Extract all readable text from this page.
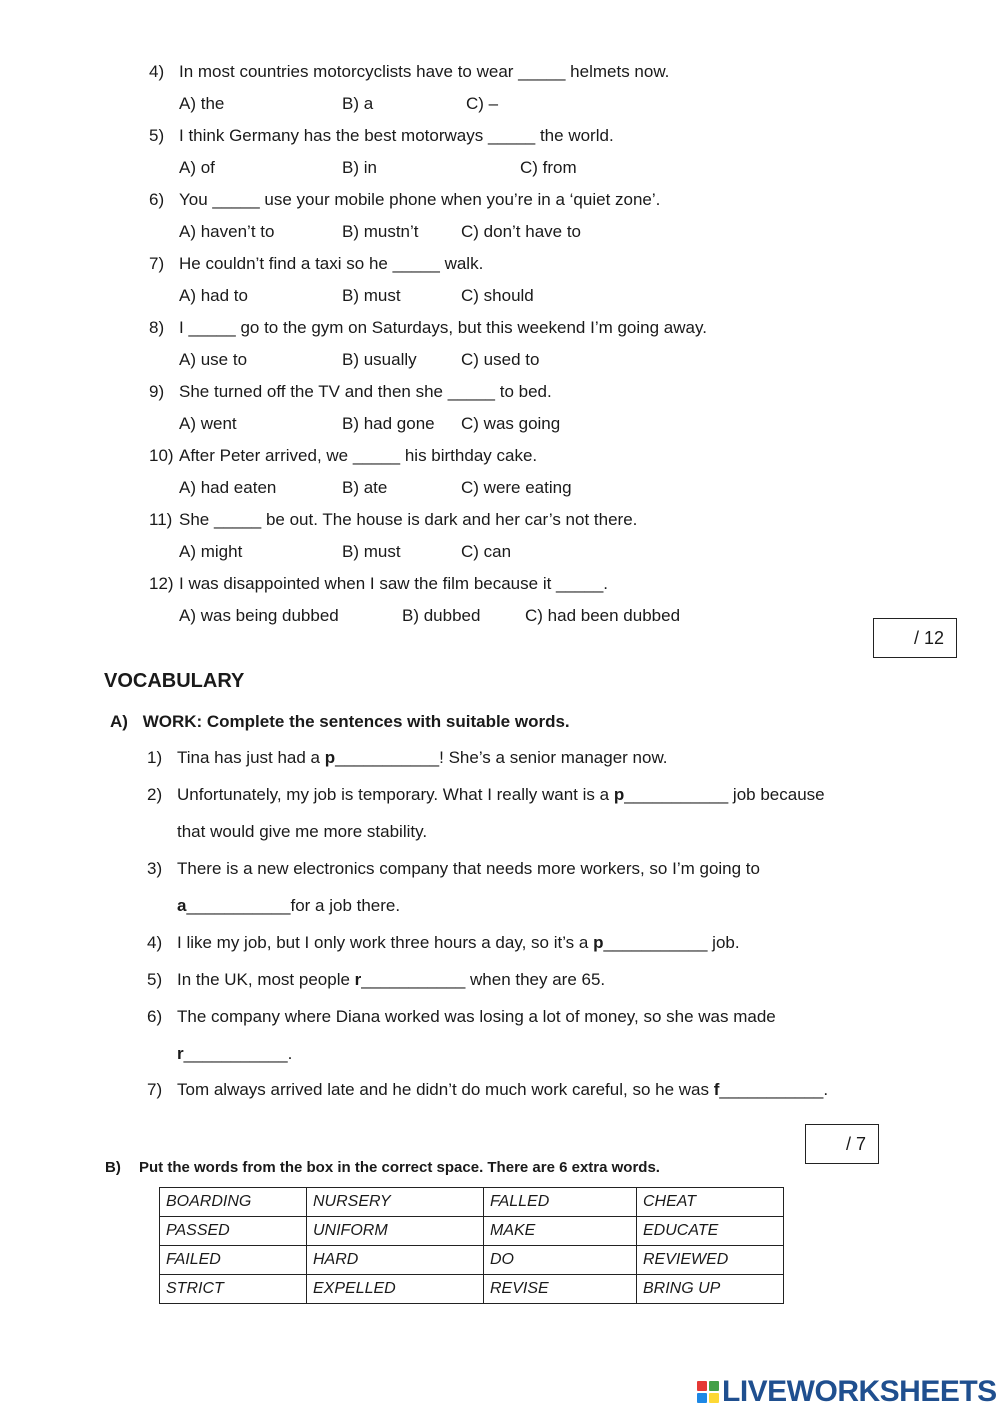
4) In most countries motorcyclists have to wear _____ helmets now.
A) the	B) a	C) –
5) I think Germany has the best motorways _____ the world.
A) of	B) in	C) from
6) You _____ use your mobile phone when you’re in a ‘quiet zone’.
A) haven’t to	B) mustn’t C) don’t have to
7) He couldn’t find a taxi so he _____ walk.
A) had to	B) must	C) should
8) I _____ go to the gym on Saturdays, but this weekend I’m going away.
A) use to	B) usually	C) used to
9) She turned off the TV and then she _____ to bed.
A) went	B) had gone C) was going
10) After Peter arrived, we _____ his birthday cake.
A) had eaten	B) ate	C) were eating
11) She _____ be out. The house is dark and her car’s not there.
A) might	B) must	C) can
12) I was disappointed when I saw the film because it _____.
A) was being dubbed	B) dubbed	C) had been dubbed
/ 12
VOCABULARY
A) WORK: Complete the sentences with suitable words.
1) Tina has just had a p___________! She’s a senior manager now.
2) Unfortunately, my job is temporary. What I really want is a p___________ job because
that would give me more stability.
3) There is a new electronics company that needs more workers, so I’m going to
a___________for a job there.
4) I like my job, but I only work three hours a day, so it’s a p___________ job.
5) In the UK, most people r___________ when they are 65.
6) The company where Diana worked was losing a lot of money, so she was made
r___________.
7) Tom always arrived late and he didn’t do much work careful, so he was f___________.
/ 7
B) Put the words from the box in the correct space. There are 6 extra words.
BOARDING	NURSERY	FALLED	CHEAT
PASSED	UNIFORM	MAKE	EDUCATE
FAILED	HARD	DO	REVIEWED
STRICT	EXPELLED	REVISE	BRING UP
LIVEWORKSHEETS
